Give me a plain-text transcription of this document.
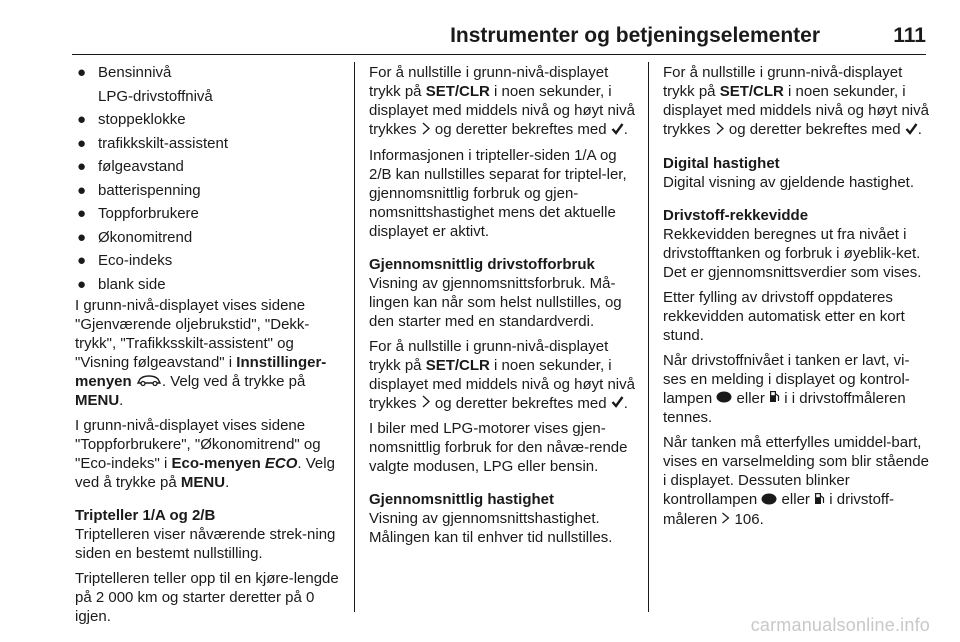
Instrumenter og betjeningselementer	111
● Bensinnivå
LPG-drivstoffnivå
● stoppeklokke
● trafikkskilt-assistent
● følgeavstand
● batterispenning
● Toppforbrukere
● Økonomitrend
● Eco-indeks
● blank side

I grunn-nivå-displayet vises sidene "Gjenværende oljebrukstid", "Dekk-trykk", "Trafikksskilt-assistent" og "Visning følgeavstand" i Innstillinger-menyen . Velg ved å trykke på MENU.

I grunn-nivå-displayet vises sidene "Toppforbrukere", "Økonomitrend" og "Eco-indeks" i Eco-menyen ECO. Velg ved å trykke på MENU.

Tripteller 1/A og 2/B

Triptelleren viser nåværende strek-ning siden en bestemt nullstilling.

Triptelleren teller opp til en kjøre-lengde på 2 000 km og starter deretter på 0 igjen.

For å nullstille i grunn-nivå-displayet trykk på SET/CLR i noen sekunder, i displayet med middels nivå og høyt nivå trykkes  og deretter bekreftes med .

Informasjonen i tripteller-siden 1/A og 2/B kan nullstilles separat for triptel-ler, gjennomsnittlig forbruk og gjen-nomsnittshastighet mens det aktuelle displayet er aktivt.

Gjennomsnittlig drivstofforbruk

Visning av gjennomsnittsforbruk. Må-lingen kan når som helst nullstilles, og den starter med en standardverdi.

For å nullstille i grunn-nivå-displayet trykk på SET/CLR i noen sekunder, i displayet med middels nivå og høyt nivå trykkes  og deretter bekreftes med .

I biler med LPG-motorer vises gjen-nomsnittlig forbruk for den nåvæ-rende valgte modusen, LPG eller bensin.

Gjennomsnittlig hastighet

Visning av gjennomsnittshastighet. Målingen kan til enhver tid nullstilles.

For å nullstille i grunn-nivå-displayet trykk på SET/CLR i noen sekunder, i displayet med middels nivå og høyt nivå trykkes  og deretter bekreftes med .

Digital hastighet

Digital visning av gjeldende hastighet.

Drivstoff-rekkevidde

Rekkevidden beregnes ut fra nivået i drivstofftanken og forbruk i øyeblik-ket. Det er gjennomsnittsverdier som vises.

Etter fylling av drivstoff oppdateres rekkevidden automatisk etter en kort stund.

Når drivstoffnivået i tanken er lavt, vi-ses en melding i displayet og kontrol-lampen  eller  i i drivstoffmåleren tennes.

Når tanken må etterfylles umiddel-bart, vises en varselmelding som blir stående i displayet. Dessuten blinker kontrollampen  eller  i drivstoff-måleren  106.

carmanualsonline.info
